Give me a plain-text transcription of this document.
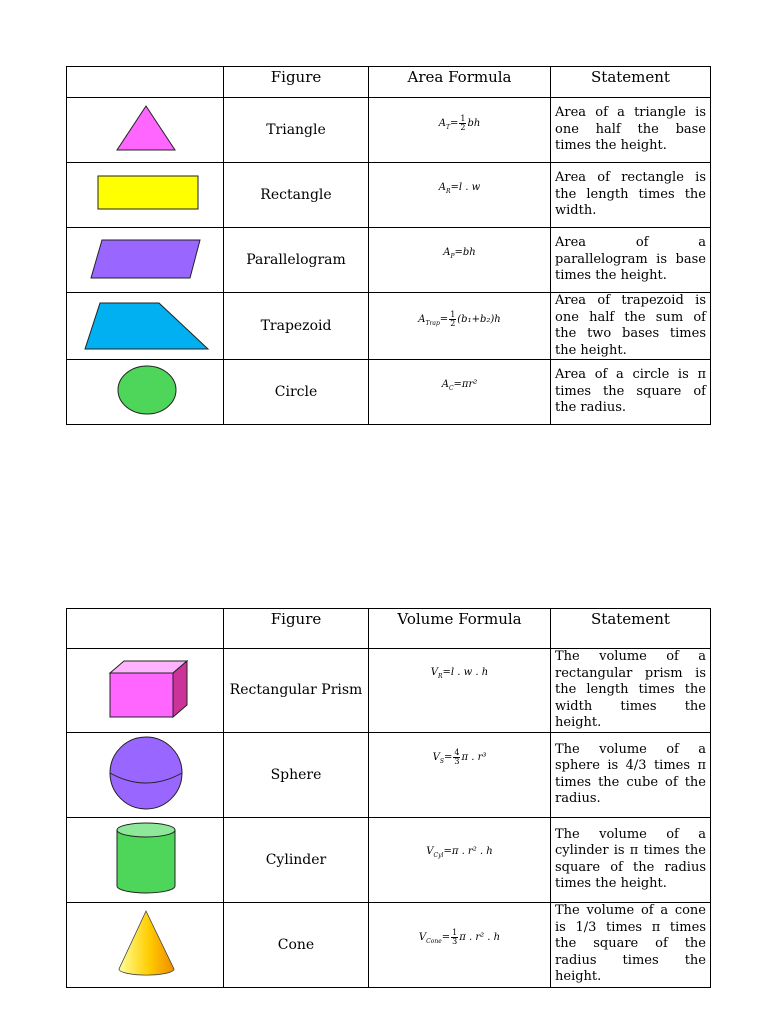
	Figure	Area Formula	Statement
	Triangle	$A_T= \frac{1}{2}$ bh	Area of a triangle is one half the base times the height.
	Rectangle	$A_R=l$ . w	Area of rectangle is the length times the width.
	Parallelogram	$A_P=bh$	Area of a parallelogram is base times the height.
	Trapezoid	$A_{Trap}= \frac{1}{2} (b_1+b_2)h$	Area of trapezoid is one half the sum of the two bases times the height.
	Circle	$A_C=\pi r^2$	Area of a circle is π times the square of the radius.
	Figure	Volume Formula	Statement
	Rectangular Prism	$V_R=l$ . w . h	The volume of a rectangular prism is the length times the width times the height.
	Sphere	$V_S= \frac{4}{3}$ π . r³	The volume of a sphere is 4/3 times π times the cube of the radius.
	Cylinder	$V_{Cyl}=\pi$ . r² . h	The volume of a cylinder is π times the square of the radius times the height.
	Cone	$V_{Cone}= \frac{1}{3}$ π . r² . h	The volume of a cone is 1/3 times π times the square of the radius times the height.
